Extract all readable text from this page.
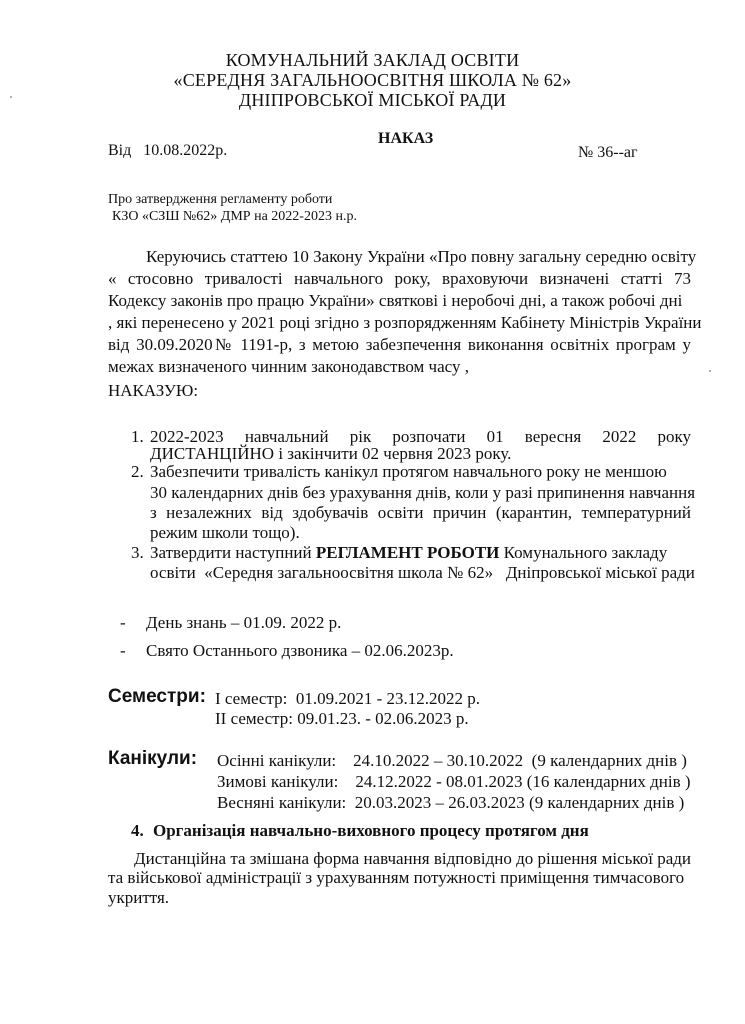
КОМУНАЛЬНИЙ ЗАКЛАД ОСВІТИ
«СЕРЕДНЯ ЗАГАЛЬНООСВІТНЯ ШКОЛА № 62»
ДНІПРОВСЬКОЇ МІСЬКОЇ РАДИ
НАКАЗ
Від   10.08.2022р.	№ 36--аг
Про затвердження регламенту роботи
КЗО «СЗШ №62» ДМР на 2022-2023 н.р.
Керуючись статтею 10 Закону України «Про повну загальну середню освіту
« стосовно тривалості навчального року, враховуючи визначені статті 73
Кодексу законів про працю України» святкові і неробочі дні, а також робочі дні
, які перенесено у 2021 році згідно з розпорядженням Кабінету Міністрів України
від 30.09.2020№ 1191-р, з метою забезпечення виконання освітніх програм у
межах визначеного чинним законодавством часу ,
НАКАЗУЮ:
1. 2022-2023 навчальний рік розпочати 01 вересня 2022 року
ДИСТАНЦІЙНО і закінчити 02 червня 2023 року.
2. Забезпечити тривалість канікул протягом навчального року не меншою
30 календарних днів без урахування днів, коли у разі припинення навчання
з незалежних від здобувачів освіти причин (карантин, температурний
режим школи тощо).
3. Затвердити наступний РЕГЛАМЕНТ РОБОТИ Комунального закладу
освіти  «Середня загальноосвітня школа № 62»   Дніпровської міської ради
- День знань – 01.09. 2022 р.
- Свято Останнього дзвоника – 02.06.2023р.
Семестри: І семестр:  01.09.2021 - 23.12.2022 р.
ІІ семестр: 09.01.23. - 02.06.2023 р.
Канікули: Осінні канікули:    24.10.2022 – 30.10.2022  (9 календарних днів )
Зимові канікули:    24.12.2022 - 08.01.2023 (16 календарних днів )
Весняні канікули:  20.03.2023 – 26.03.2023 (9 календарних днів )
4. Організація навчально-виховного процесу протягом дня
Дистанційна та змішана форма навчання відповідно до рішення міської ради
та військової адміністрації з урахуванням потужності приміщення тимчасового
укриття.
